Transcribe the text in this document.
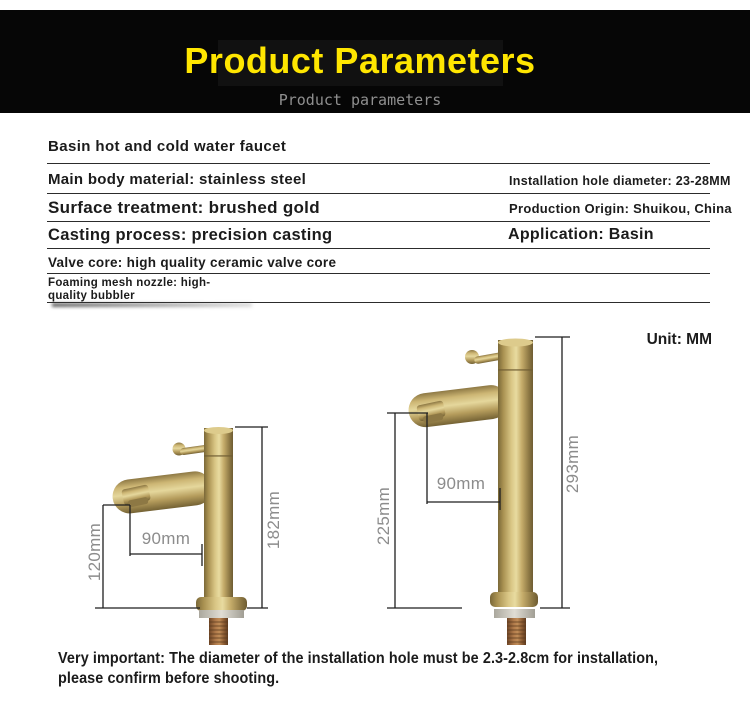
Product Parameters
Product parameters
Basin hot and cold water faucet
Main body material: stainless steel	Installation hole diameter: 23-28MM
Surface treatment: brushed gold	Production Origin: Shuikou, China
Casting process: precision casting	Application: Basin
Valve core: high quality ceramic valve core
Foaming mesh nozzle: high-quality bubbler
Unit: MM
120mm	90mm	182mm	225mm
90mm	293mm
Very important: The diameter of the installation hole must be 2.3-2.8cm for installation,
please confirm before shooting.
